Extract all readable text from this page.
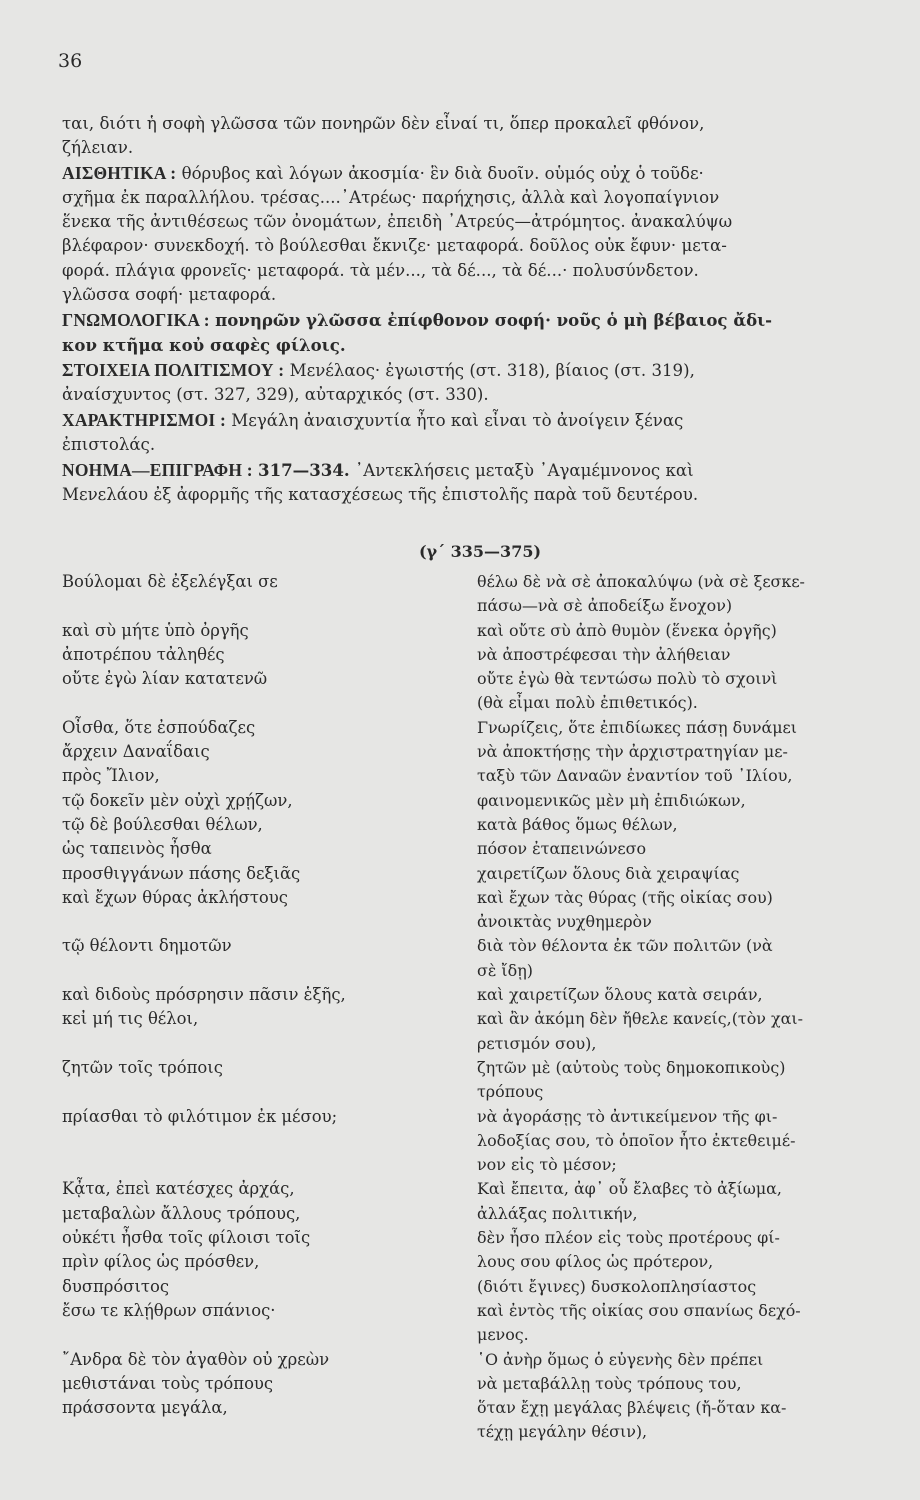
36

ται, διότι ἡ σοφὴ γλῶσσα τῶν πονηρῶν δὲν εἶναί τι, ὅπερ προκαλεῖ φθόνον,
ζήλειαν.

ΑΙΣΘΗΤΙΚΑ : θόρυβος καὶ λόγων ἀκοσμία· ἓν διὰ δυοῖν. οὑμός οὐχ ὁ τοῦδε·
σχῆμα ἐκ παραλλήλου. τρέσας....᾿Ατρέως· παρήχησις, ἀλλὰ καὶ λογοπαίγνιον
ἕνεκα τῆς ἀντιθέσεως τῶν ὀνομάτων, ἐπειδὴ ᾿Ατρεύς—ἀτρόμητος. ἀνακαλύψω
βλέφαρον· συνεκδοχή. τὸ βούλεσθαι ἔκνιζε· μεταφορά. δοῦλος οὐκ ἔφυν· μετα-
φορά. πλάγια φρονεῖς· μεταφορά. τὰ μέν..., τὰ δέ..., τὰ δέ...· πολυσύνδετον.
γλῶσσα σοφή· μεταφορά.

ΓΝΩΜΟΛΟΓΙΚΑ : πονηρῶν γλῶσσα ἐπίφθονον σοφή· νοῦς ὁ μὴ βέβαιος ἄδι-
κον κτῆμα κοὐ σαφὲς φίλοις.

ΣΤΟΙΧΕΙΑ ΠΟΛΙΤΙΣΜΟΥ : Μενέλαος· ἐγωιστής (στ. 318), βίαιος (στ. 319),
ἀναίσχυντος (στ. 327, 329), αὐταρχικός (στ. 330).

ΧΑΡΑΚΤΗΡΙΣΜΟΙ : Μεγάλη ἀναισχυντία ἦτο καὶ εἶναι τὸ ἀνοίγειν ξένας
ἐπιστολάς.

ΝΟΗΜΑ—ΕΠΙΓΡΑΦΗ : 317—334. ᾿Αντεκλήσεις μεταξὺ ᾿Αγαμέμνονος καὶ
Μενελάου ἐξ ἀφορμῆς τῆς κατασχέσεως τῆς ἐπιστολῆς παρὰ τοῦ δευτέρου.

(γ´ 335—375)
Βούλομαι δὲ ἐξελέγξαι σε
καὶ σὺ μήτε ὑπὸ ὀργῆς
ἀποτρέπου τἀληθές
οὔτε ἐγὼ λίαν κατατενῶ
Οἶσθα, ὅτε ἐσπούδαζες
ἄρχειν Δαναΐδαις
πρὸς Ἴλιον,
τῷ δοκεῖν μὲν οὐχὶ χρῄζων,
τῷ δὲ βούλεσθαι θέλων,
ὡς ταπεινὸς ἦσθα
προσθιγγάνων πάσης δεξιᾶς
καὶ ἔχων θύρας ἀκλήστους
τῷ θέλοντι δημοτῶν
καὶ διδοὺς πρόσρησιν πᾶσιν ἑξῆς,
κεἰ μή τις θέλοι,
ζητῶν τοῖς τρόποις
πρίασθαι τὸ φιλότιμον ἐκ μέσου;
Κᾆτα, ἐπεὶ κατέσχες ἀρχάς,
μεταβαλὼν ἄλλους τρόπους,
οὐκέτι ἦσθα τοῖς φίλοισι τοῖς
πρὶν φίλος ὡς πρόσθεν,
δυσπρόσιτος
ἔσω τε κλῄθρων σπάνιος·
῎Ανδρα δὲ τὸν ἀγαθὸν οὐ χρεὼν
μεθιστάναι τοὺς τρόπους
πράσσοντα μεγάλα,
θέλω δὲ νὰ σὲ ἀποκαλύψω (νὰ σὲ ξεσκε-
πάσω—νὰ σὲ ἀποδείξω ἔνοχον)
καὶ οὔτε σὺ ἀπὸ θυμὸν (ἕνεκα ὀργῆς)
νὰ ἀποστρέφεσαι τὴν ἀλήθειαν
οὔτε ἐγὼ θὰ τεντώσω πολὺ τὸ σχοινὶ
(θὰ εἶμαι πολὺ ἐπιθετικός).
Γνωρίζεις, ὅτε ἐπιδίωκες πάσῃ δυνάμει
νὰ ἀποκτήσῃς τὴν ἀρχιστρατηγίαν με-
ταξὺ τῶν Δαναῶν ἐναντίον τοῦ ᾿Ιλίου,
φαινομενικῶς μὲν μὴ ἐπιδιώκων,
κατὰ βάθος ὅμως θέλων,
πόσον ἐταπεινώνεσο
χαιρετίζων ὅλους διὰ χειραψίας
καὶ ἔχων τὰς θύρας (τῆς οἰκίας σου)
ἀνοικτὰς νυχθημερὸν
διὰ τὸν θέλοντα ἐκ τῶν πολιτῶν (νὰ
σὲ ἴδῃ)
καὶ χαιρετίζων ὅλους κατὰ σειράν,
καὶ ἂν ἀκόμη δὲν ἤθελε κανείς,(τὸν χαι-
ρετισμόν σου),
ζητῶν μὲ (αὐτοὺς τοὺς δημοκοπικοὺς)
τρόπους
νὰ ἀγοράσῃς τὸ ἀντικείμενον τῆς φι-
λοδοξίας σου, τὸ ὁποῖον ἦτο ἐκτεθειμέ-
νον εἰς τὸ μέσον;
Καὶ ἔπειτα, ἀφ᾿ οὗ ἔλαβες τὸ ἀξίωμα,
ἀλλάξας πολιτικήν,
δὲν ἦσο πλέον εἰς τοὺς προτέρους φί-
λους σου φίλος ὡς πρότερον,
(διότι ἔγινες) δυσκολοπλησίαστος
καὶ ἐντὸς τῆς οἰκίας σου σπανίως δεχό-
μενος.
῾Ο ἀνὴρ ὅμως ὁ εὐγενὴς δὲν πρέπει
νὰ μεταβάλλῃ τοὺς τρόπους του,
ὅταν ἔχῃ μεγάλας βλέψεις (ἤ-ὅταν κα-
τέχῃ μεγάλην θέσιν),
